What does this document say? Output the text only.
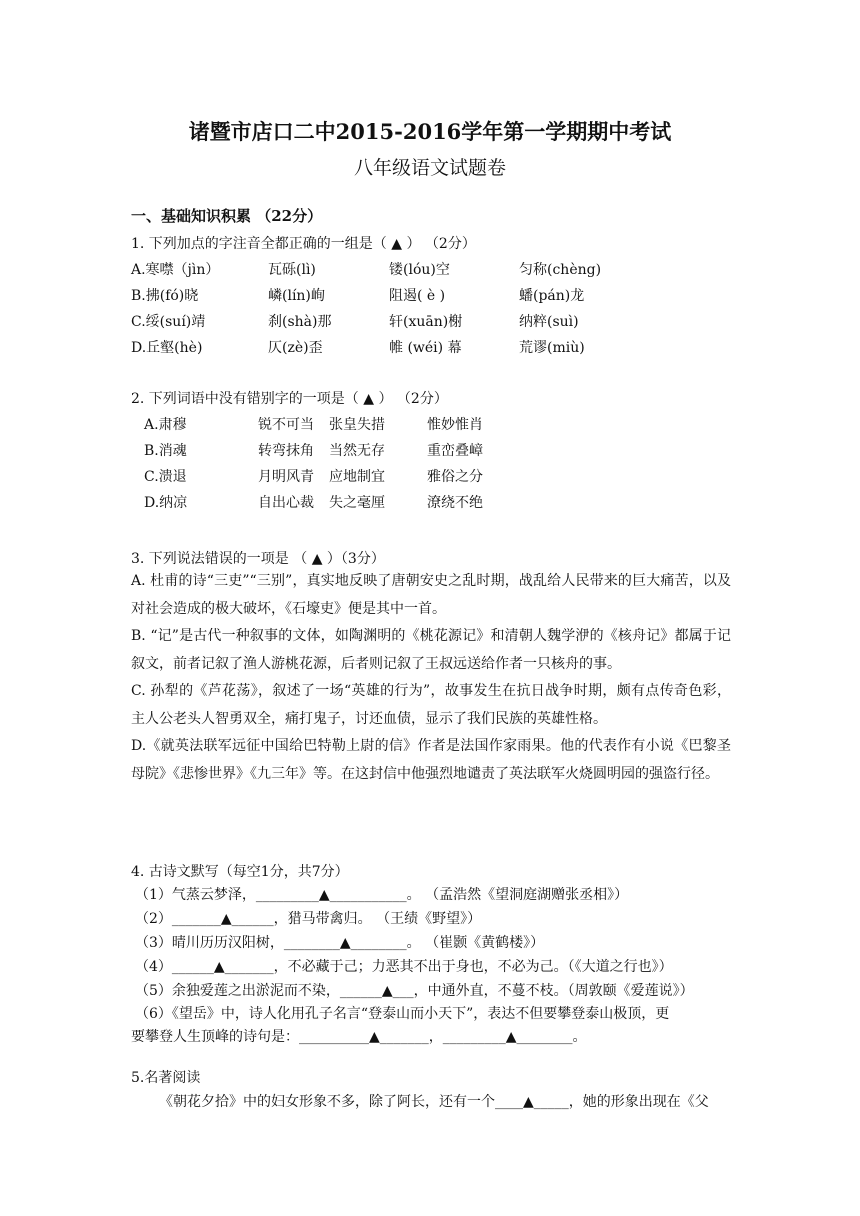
诸暨市店口二中2015-2016学年第一学期期中考试
八年级语文试题卷
一、基础知识积累 （22分）
1. 下列加点的字注音全都正确的一组是（ ▲ ） （2分）
A.寒噤（jìn）	瓦砾(lì)	镂(lóu)空	匀称(chèng)
B.拂(fó)晓	嶙(lín)峋	阻遏( è )	蟠(pán)龙
C.绥(suí)靖	刹(shà)那	轩(xuān)榭	纳粹(suì)
D.丘壑(hè)	仄(zè)歪	帷 (wéi) 幕	荒谬(miù)
2. 下列词语中没有错别字的一项是（ ▲ ） （2分）
A.肃穆	锐不可当 张皇失措	惟妙惟肖
B.消魂	转弯抹角 当然无存	重峦叠嶂
C.溃退	月明风青 应地制宜	雅俗之分
D.纳凉	自出心裁 失之毫厘	潦绕不绝
3. 下列说法错误的一项是 （ ▲ ）（3分）
A. 杜甫的诗“三吏”“三别”，真实地反映了唐朝安史之乱时期，战乱给人民带来的巨大痛苦，以及对社会造成的极大破坏，《石壕吏》便是其中一首。
B. “记”是古代一种叙事的文体，如陶渊明的《桃花源记》和清朝人魏学洢的《核舟记》都属于记叙文，前者记叙了渔人游桃花源，后者则记叙了王叔远送给作者一只核舟的事。
C. 孙犁的《芦花荡》，叙述了一场“英雄的行为”，故事发生在抗日战争时期，颇有点传奇色彩，主人公老头人智勇双全，痛打鬼子，讨还血债，显示了我们民族的英雄性格。
D.《就英法联军远征中国给巴特勒上尉的信》作者是法国作家雨果。他的代表作有小说《巴黎圣母院》《悲惨世界》《九三年》等。在这封信中他强烈地谴责了英法联军火烧圆明园的强盗行径。
4. 古诗文默写（每空1分，共7分）
（1）气蒸云梦泽，_________▲___________。 （孟浩然《望洞庭湖赠张丞相》）
（2）_______▲______，猎马带禽归。 （王绩《野望》）
（3）晴川历历汉阳树，________▲________。 （崔颢《黄鹤楼》）
（4）______▲_______，不必藏于己；力恶其不出于身也，不必为己。（《大道之行也》）
（5）余独爱莲之出淤泥而不染，______▲___，中通外直，不蔓不枝。（周敦颐《爱莲说》）
（6）《望岳》中，诗人化用孔子名言“登泰山而小天下”，表达不但要攀登泰山极顶，更
要攀登人生顶峰的诗句是：__________▲_______，_________▲________。
5.名著阅读
《朝花夕拾》中的妇女形象不多，除了阿长，还有一个____▲_____，她的形象出现在《父
